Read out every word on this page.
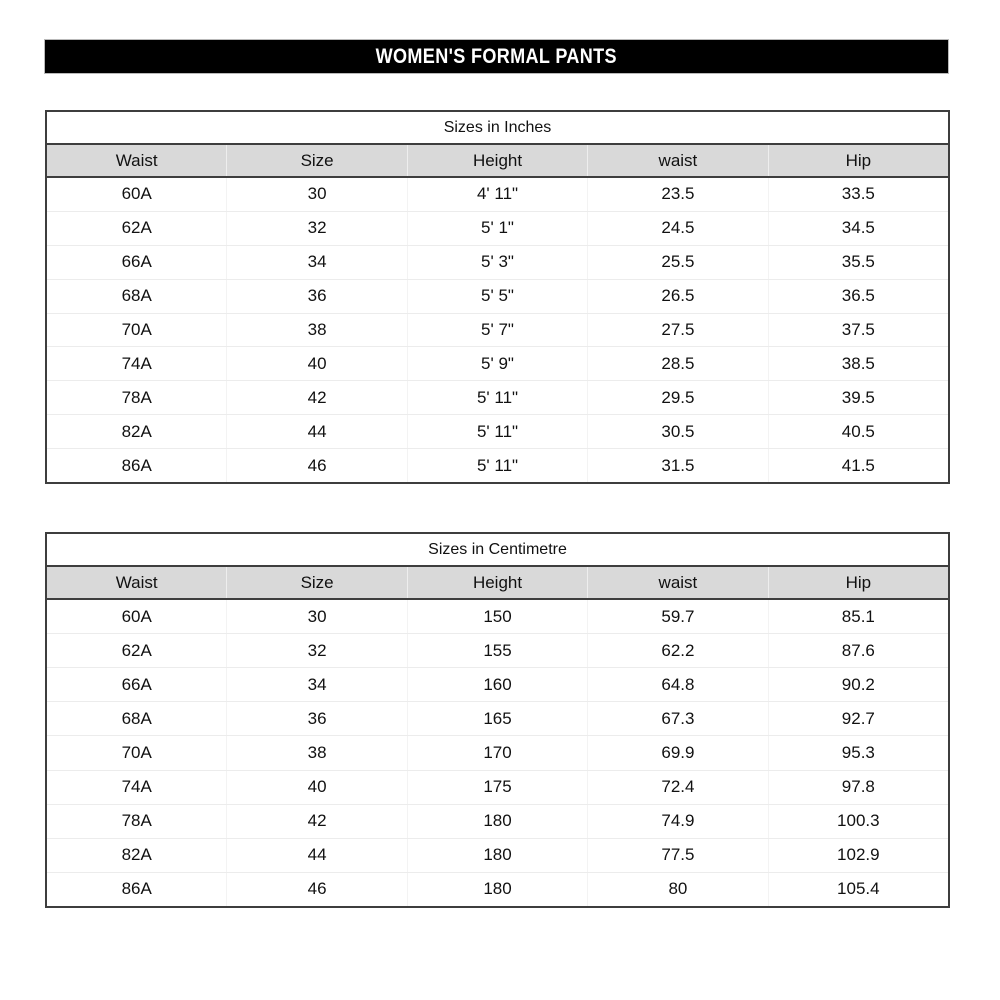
WOMEN'S FORMAL PANTS
Sizes in Inches
Waist	Size	Height	waist	Hip
60A	30	4' 11"	23.5	33.5
62A	32	5' 1"	24.5	34.5
66A	34	5' 3"	25.5	35.5
68A	36	5' 5"	26.5	36.5
70A	38	5' 7"	27.5	37.5
74A	40	5' 9"	28.5	38.5
78A	42	5' 11"	29.5	39.5
82A	44	5' 11"	30.5	40.5
86A	46	5' 11"	31.5	41.5
Sizes in Centimetre
Waist	Size	Height	waist	Hip
60A	30	150	59.7	85.1
62A	32	155	62.2	87.6
66A	34	160	64.8	90.2
68A	36	165	67.3	92.7
70A	38	170	69.9	95.3
74A	40	175	72.4	97.8
78A	42	180	74.9	100.3
82A	44	180	77.5	102.9
86A	46	180	80	105.4
